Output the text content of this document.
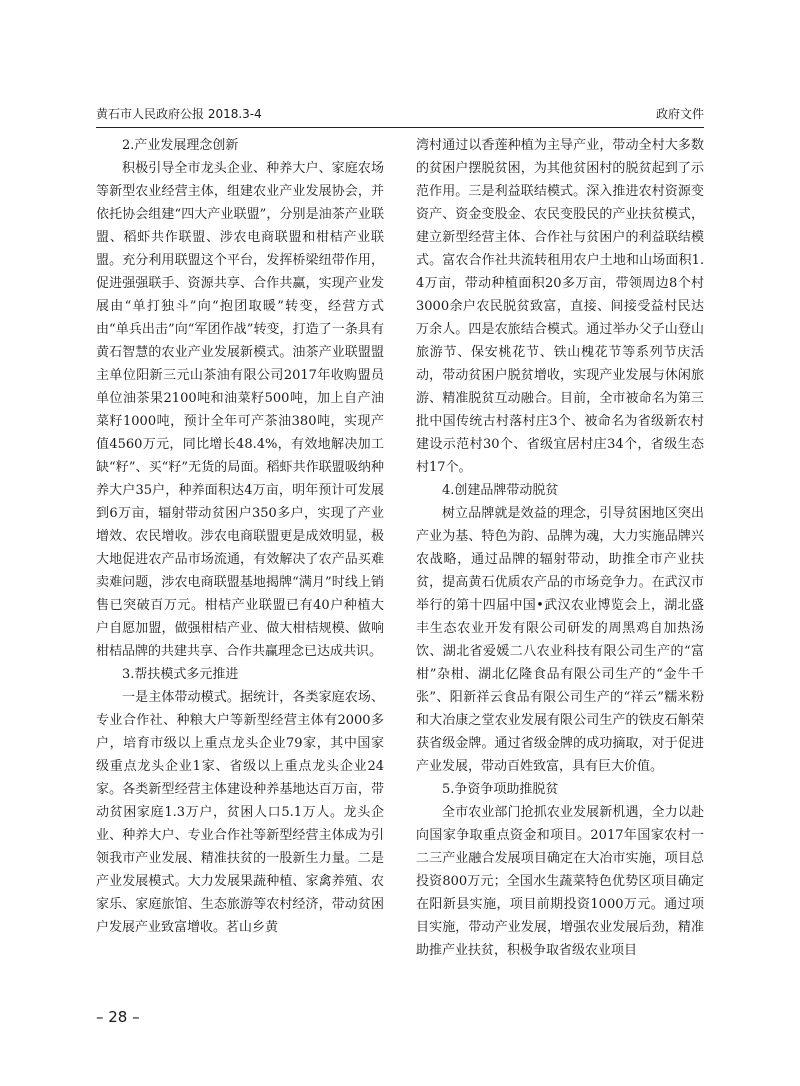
黄石市人民政府公报 2018.3-4	政府文件
2.产业发展理念创新

积极引导全市龙头企业、种养大户、家庭农场等新型农业经营主体，组建农业产业发展协会，并依托协会组建“四大产业联盟”，分别是油茶产业联盟、稻虾共作联盟、涉农电商联盟和柑桔产业联盟。充分利用联盟这个平台，发挥桥梁纽带作用，促进强强联手、资源共享、合作共赢，实现产业发展由“单打独斗”向“抱团取暖”转变，经营方式由“单兵出击”向“军团作战”转变，打造了一条具有黄石智慧的农业产业发展新模式。油茶产业联盟盟主单位阳新三元山茶油有限公司2017年收购盟员单位油茶果2100吨和油菜籽500吨，加上自产油菜籽1000吨，预计全年可产茶油380吨，实现产值4560万元，同比增长48.4%，有效地解决加工缺“籽”、买“籽”无货的局面。稻虾共作联盟吸纳种养大户35户，种养面积达4万亩，明年预计可发展到6万亩，辐射带动贫困户350多户，实现了产业增效、农民增收。涉农电商联盟更是成效明显，极大地促进农产品市场流通，有效解决了农产品买难卖难问题，涉农电商联盟基地揭牌“满月”时线上销售已突破百万元。柑桔产业联盟已有40户种植大户自愿加盟，做强柑桔产业、做大柑桔规模、做响柑桔品牌的共建共享、合作共赢理念已达成共识。

3.帮扶模式多元推进

一是主体带动模式。据统计，各类家庭农场、专业合作社、种粮大户等新型经营主体有2000多户，培育市级以上重点龙头企业79家，其中国家级重点龙头企业1家、省级以上重点龙头企业24家。各类新型经营主体建设种养基地达百万亩，带动贫困家庭1.3万户，贫困人口5.1万人。龙头企业、种养大户、专业合作社等新型经营主体成为引领我市产业发展、精准扶贫的一股新生力量。二是产业发展模式。大力发展果蔬种植、家禽养殖、农家乐、家庭旅馆、生态旅游等农村经济，带动贫困户发展产业致富增收。茗山乡黄

湾村通过以香莲种植为主导产业，带动全村大多数的贫困户摆脱贫困，为其他贫困村的脱贫起到了示范作用。三是利益联结模式。深入推进农村资源变资产、资金变股金、农民变股民的产业扶贫模式，建立新型经营主体、合作社与贫困户的利益联结模式。富农合作社共流转租用农户土地和山场面积1.4万亩，带动种植面积20多万亩，带领周边8个村3000余户农民脱贫致富，直接、间接受益村民达万余人。四是农旅结合模式。通过举办父子山登山旅游节、保安桃花节、铁山槐花节等系列节庆活动，带动贫困户脱贫增收，实现产业发展与休闲旅游、精准脱贫互动融合。目前，全市被命名为第三批中国传统古村落村庄3个、被命名为省级新农村建设示范村30个、省级宜居村庄34个，省级生态村17个。

4.创建品牌带动脱贫

树立品牌就是效益的理念，引导贫困地区突出产业为基、特色为韵、品牌为魂，大力实施品牌兴农战略，通过品牌的辐射带动，助推全市产业扶贫，提高黄石优质农产品的市场竞争力。在武汉市举行的第十四届中国•武汉农业博览会上，湖北盛丰生态农业开发有限公司研发的周黑鸡自加热汤饮、湖北省爱媛二八农业科技有限公司生产的“富柑”杂柑、湖北亿隆食品有限公司生产的“金牛千张”、阳新祥云食品有限公司生产的“祥云”糯米粉和大冶康之堂农业发展有限公司生产的铁皮石斛荣获省级金牌。通过省级金牌的成功摘取，对于促进产业发展，带动百姓致富，具有巨大价值。

5.争资争项助推脱贫

全市农业部门抢抓农业发展新机遇，全力以赴向国家争取重点资金和项目。2017年国家农村一二三产业融合发展项目确定在大冶市实施，项目总投资800万元；全国水生蔬菜特色优势区项目确定在阳新县实施，项目前期投资1000万元。通过项目实施，带动产业发展，增强农业发展后劲，精准助推产业扶贫，积极争取省级农业项目

– 28 –
